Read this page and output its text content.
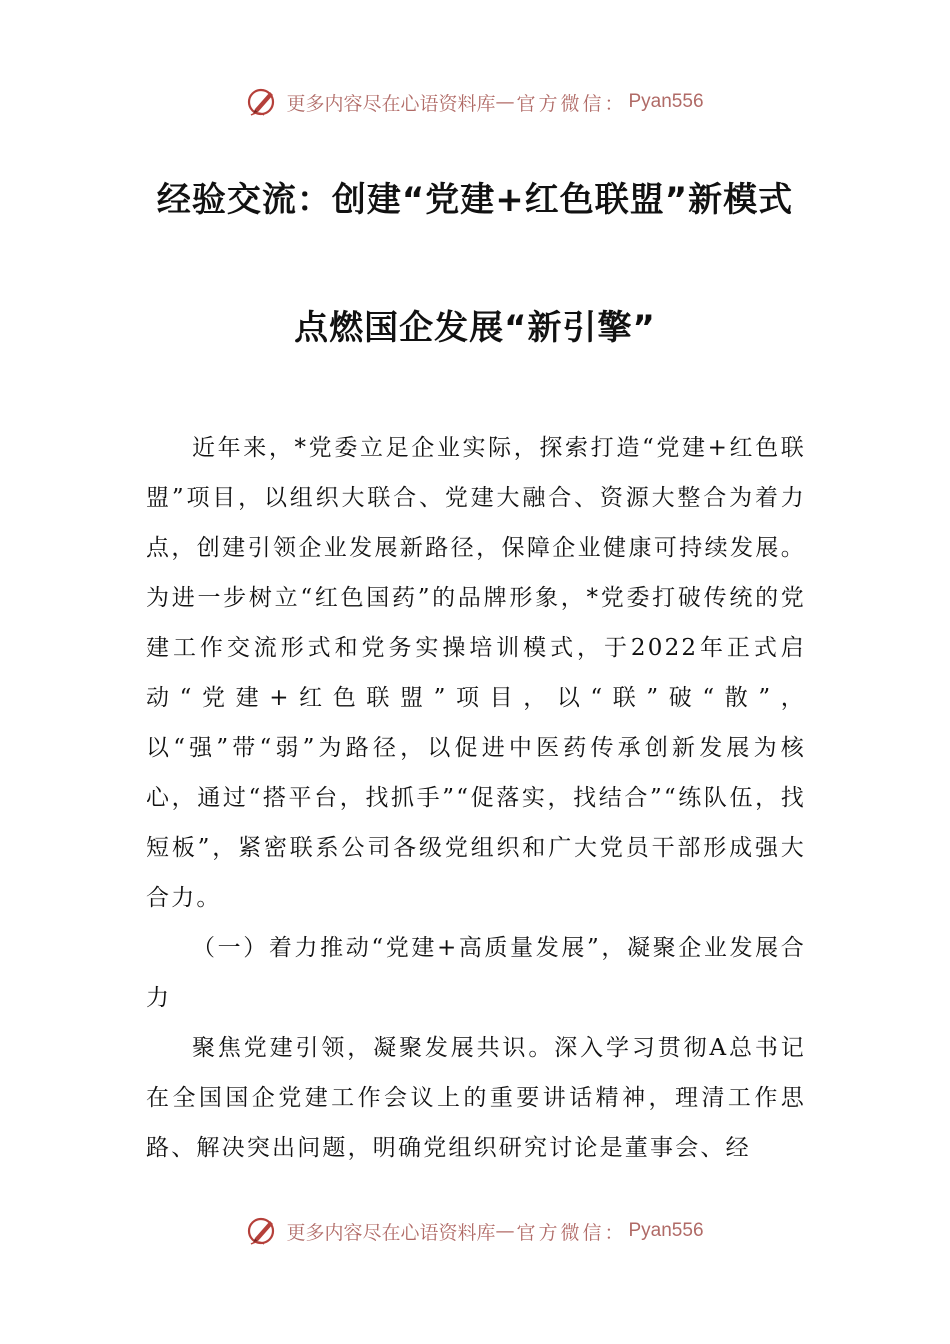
更多内容尽在心语资料库 — 官方微信： Pyan556
经验交流：创建“党建+红色联盟”新模式
点燃国企发展“新引擎”

近年来，*党委立足企业实际，探索打造“党建+红色联盟”项目，以组织大联合、党建大融合、资源大整合为着力点，创建引领企业发展新路径，保障企业健康可持续发展。为进一步树立“红色国药”的品牌形象，*党委打破传统的党建工作交流形式和党务实操培训模式，于2022年正式启动“党建+红色联盟”项目，以“联”破“散”，以“强”带“弱”为路径，以促进中医药传承创新发展为核心，通过“搭平台，找抓手”“促落实，找结合”“练队伍，找短板”，紧密联系公司各级党组织和广大党员干部形成强大合力。

（一）着力推动“党建+高质量发展”，凝聚企业发展合力

聚焦党建引领，凝聚发展共识。深入学习贯彻A总书记在全国国企党建工作会议上的重要讲话精神，理清工作思路、解决突出问题，明确党组织研究讨论是董事会、经

更多内容尽在心语资料库 — 官方微信： Pyan556
